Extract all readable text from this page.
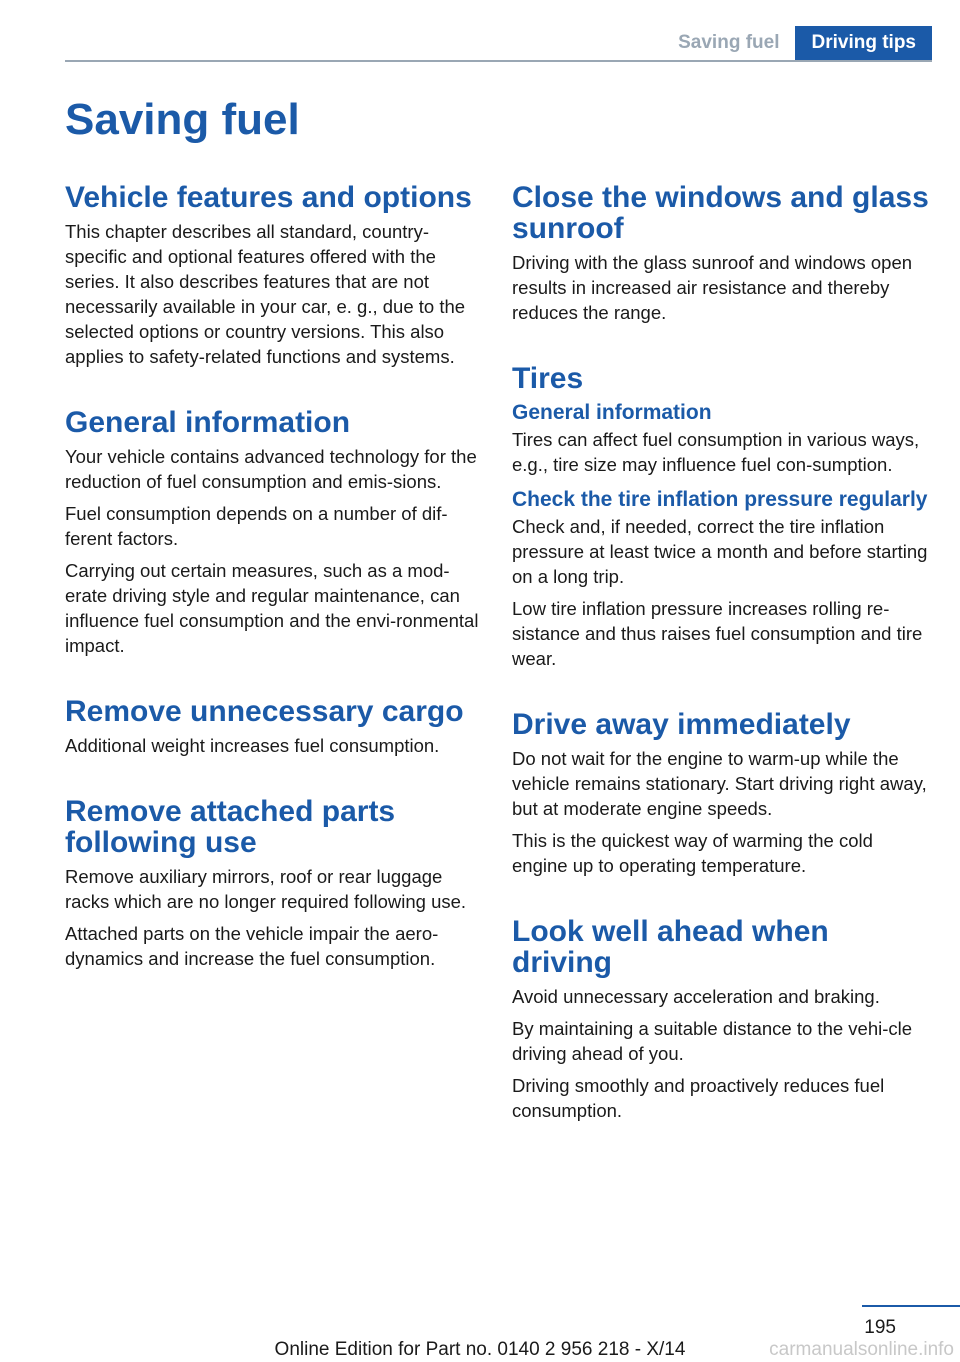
Saving fuel	Driving tips
Saving fuel
Vehicle features and options

This chapter describes all standard, country-specific and optional features offered with the series. It also describes features that are not necessarily available in your car, e. g., due to the selected options or country versions. This also applies to safety-related functions and systems.

General information

Your vehicle contains advanced technology for the reduction of fuel consumption and emis-sions.

Fuel consumption depends on a number of dif-ferent factors.

Carrying out certain measures, such as a mod-erate driving style and regular maintenance, can influence fuel consumption and the envi-ronmental impact.

Remove unnecessary cargo

Additional weight increases fuel consumption.

Remove attached parts following use

Remove auxiliary mirrors, roof or rear luggage racks which are no longer required following use.

Attached parts on the vehicle impair the aero-dynamics and increase the fuel consumption.

Close the windows and glass sunroof

Driving with the glass sunroof and windows open results in increased air resistance and thereby reduces the range.

Tires
General information

Tires can affect fuel consumption in various ways, e.g., tire size may influence fuel con-sumption.

Check the tire inflation pressure regularly

Check and, if needed, correct the tire inflation pressure at least twice a month and before starting on a long trip.

Low tire inflation pressure increases rolling re-sistance and thus raises fuel consumption and tire wear.

Drive away immediately

Do not wait for the engine to warm-up while the vehicle remains stationary. Start driving right away, but at moderate engine speeds.

This is the quickest way of warming the cold engine up to operating temperature.

Look well ahead when driving

Avoid unnecessary acceleration and braking.

By maintaining a suitable distance to the vehi-cle driving ahead of you.

Driving smoothly and proactively reduces fuel consumption.

195
carmanualsonline.info
Online Edition for Part no. 0140 2 956 218 - X/14
